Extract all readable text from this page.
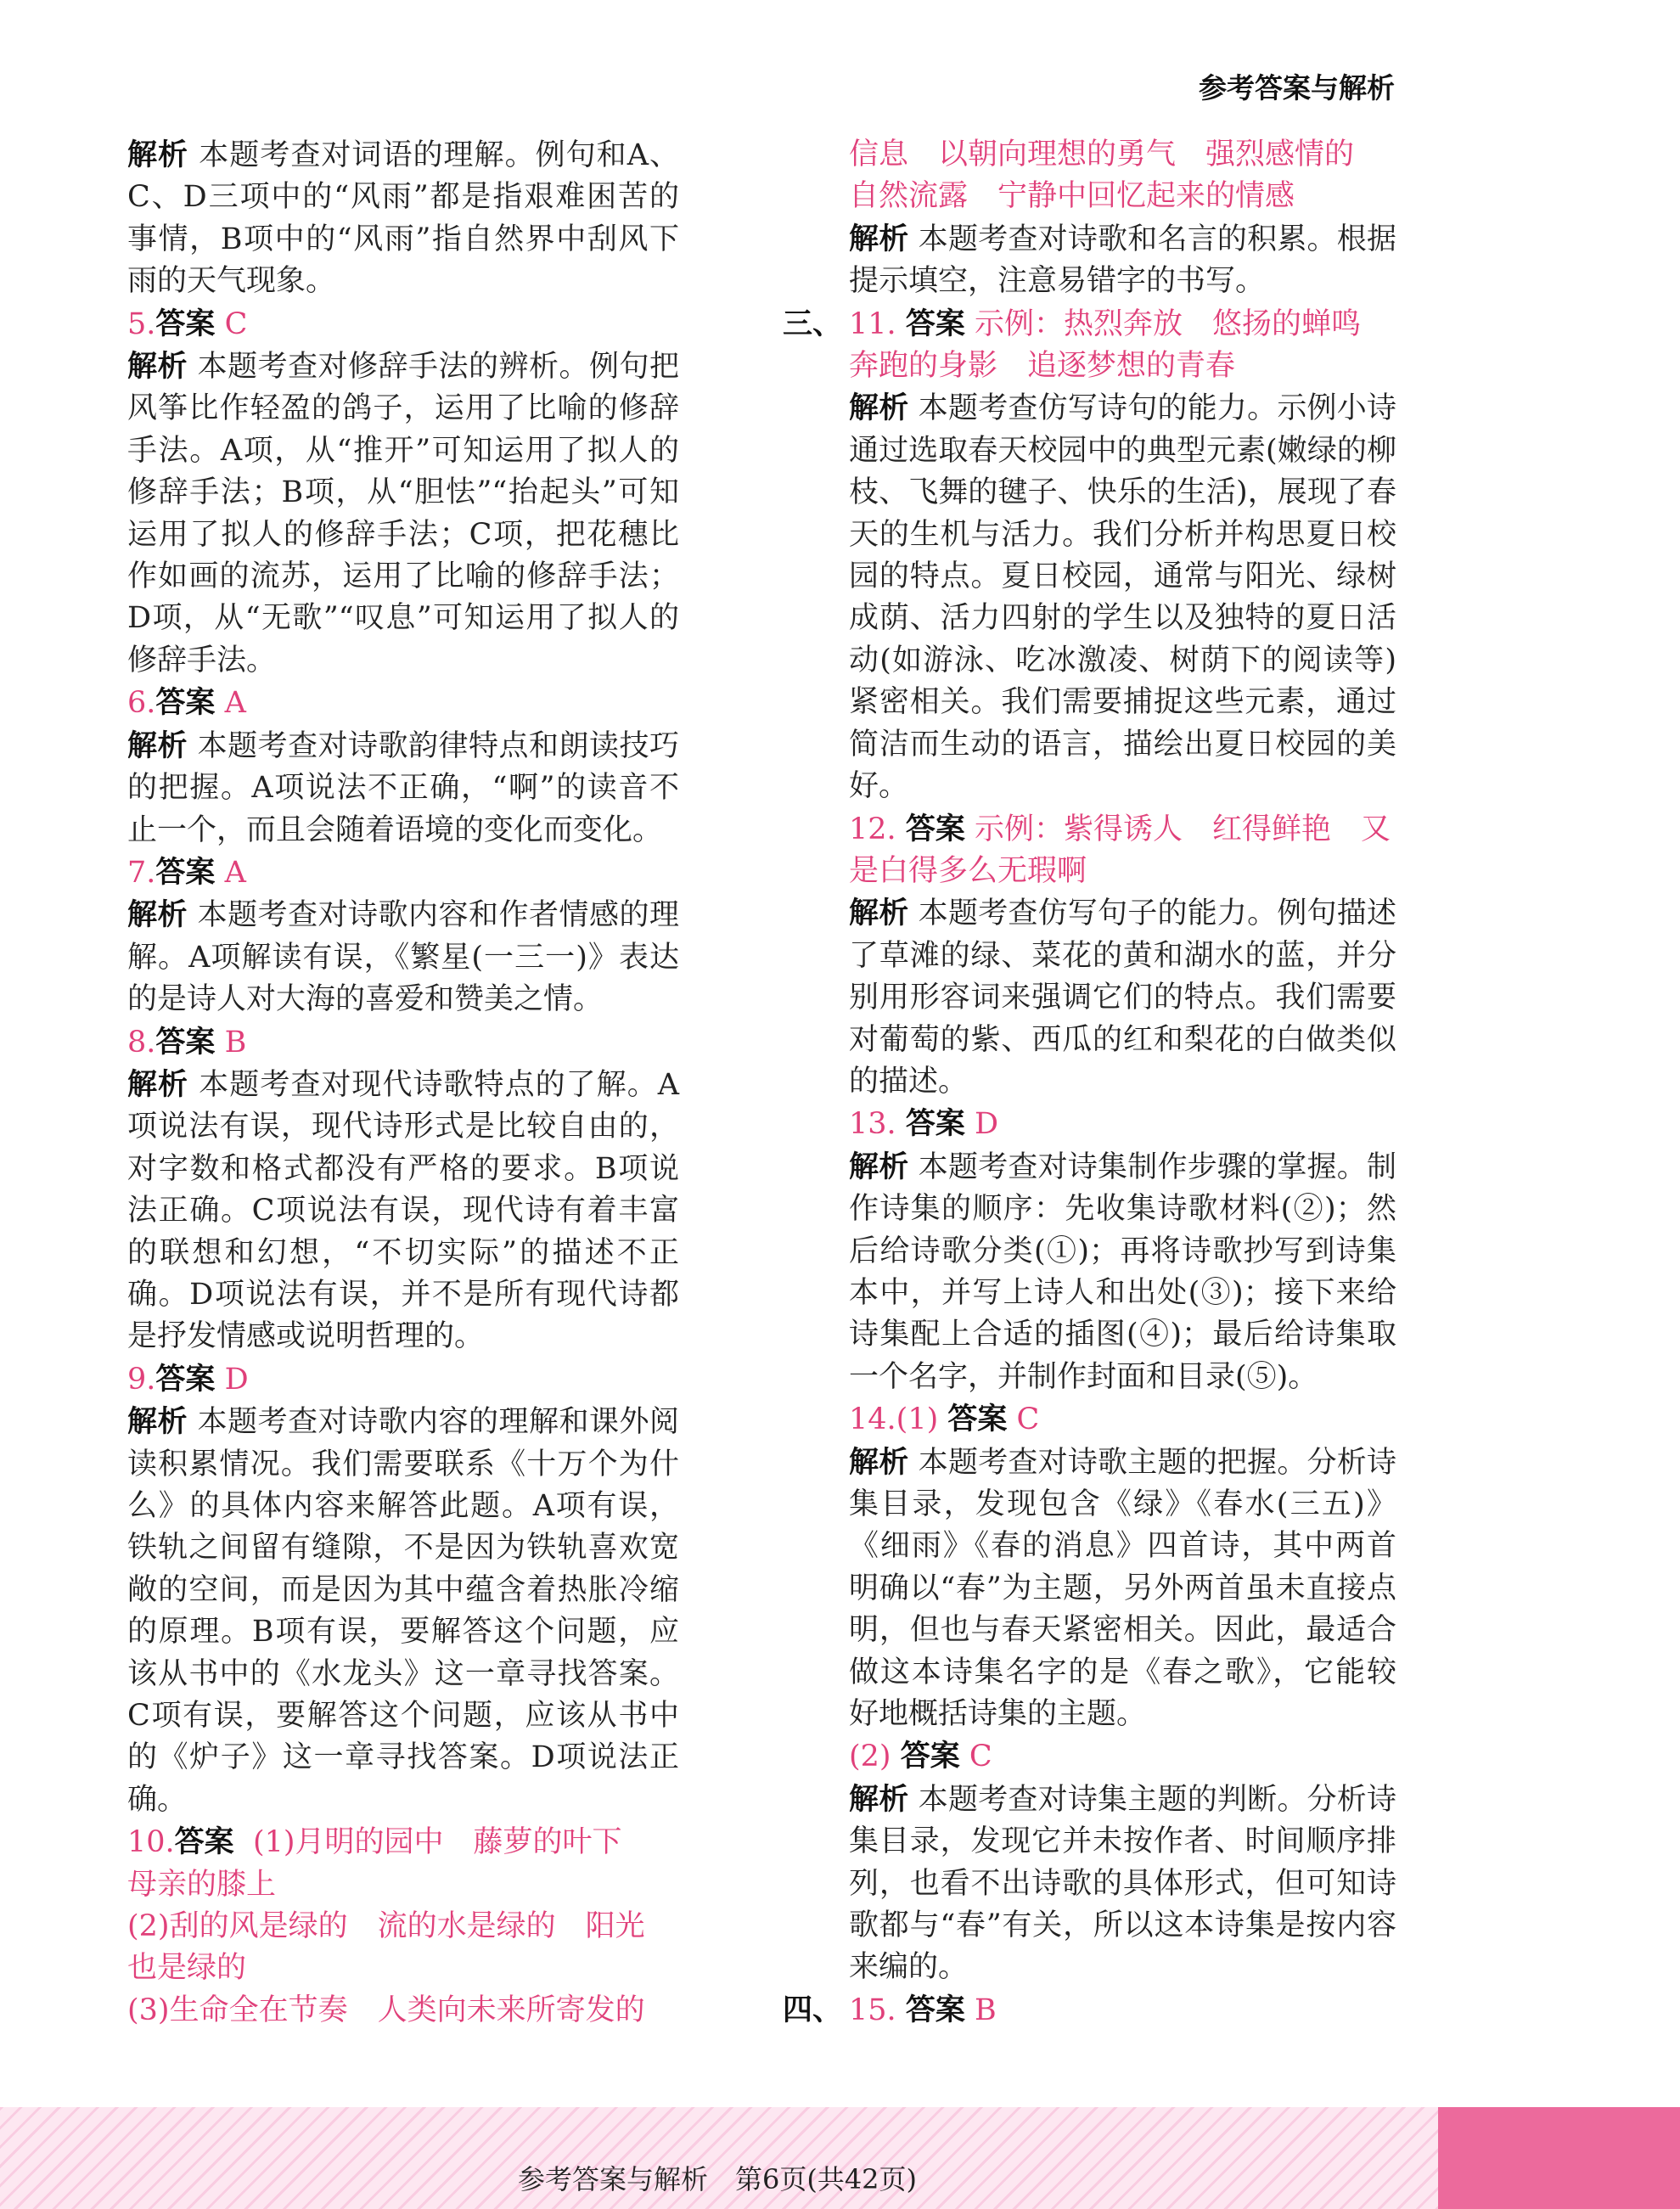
参考答案与解析

解析 本题考查对词语的理解。例句和A、C、D三项中的“风雨”都是指艰难困苦的事情，B项中的“风雨”指自然界中刮风下雨的天气现象。

5.答案 C

解析 本题考查对修辞手法的辨析。例句把风筝比作轻盈的鸽子，运用了比喻的修辞手法。A项，从“推开”可知运用了拟人的修辞手法；B项，从“胆怯”“抬起头”可知运用了拟人的修辞手法；C项，把花穗比作如画的流苏，运用了比喻的修辞手法；D项，从“无歌”“叹息”可知运用了拟人的修辞手法。

6.答案 A

解析 本题考查对诗歌韵律特点和朗读技巧的把握。A项说法不正确，“啊”的读音不止一个，而且会随着语境的变化而变化。

7.答案 A

解析 本题考查对诗歌内容和作者情感的理解。A项解读有误，《繁星(一三一)》表达的是诗人对大海的喜爱和赞美之情。

8.答案 B

解析 本题考查对现代诗歌特点的了解。A项说法有误，现代诗形式是比较自由的，对字数和格式都没有严格的要求。B项说法正确。C项说法有误，现代诗有着丰富的联想和幻想，“不切实际”的描述不正确。D项说法有误，并不是所有现代诗都是抒发情感或说明哲理的。

9.答案 D

解析 本题考查对诗歌内容的理解和课外阅读积累情况。我们需要联系《十万个为什么》的具体内容来解答此题。A项有误，铁轨之间留有缝隙，不是因为铁轨喜欢宽敞的空间，而是因为其中蕴含着热胀冷缩的原理。B项有误，要解答这个问题，应该从书中的《水龙头》这一章寻找答案。C项有误，要解答这个问题，应该从书中的《炉子》这一章寻找答案。D项说法正确。

10.答案 (1)月明的园中　藤萝的叶下

母亲的膝上

(2)刮的风是绿的　流的水是绿的　阳光

也是绿的

(3)生命全在节奏　人类向未来所寄发的

信息　以朝向理想的勇气　强烈感情的

自然流露　宁静中回忆起来的情感

解析 本题考查对诗歌和名言的积累。根据提示填空，注意易错字的书写。

三、 11. 答案 示例：热烈奔放　悠扬的蝉鸣

奔跑的身影　追逐梦想的青春

解析 本题考查仿写诗句的能力。示例小诗通过选取春天校园中的典型元素(嫩绿的柳枝、飞舞的毽子、快乐的生活)，展现了春天的生机与活力。我们分析并构思夏日校园的特点。夏日校园，通常与阳光、绿树成荫、活力四射的学生以及独特的夏日活动(如游泳、吃冰激凌、树荫下的阅读等)紧密相关。我们需要捕捉这些元素，通过简洁而生动的语言，描绘出夏日校园的美好。

12. 答案 示例：紫得诱人　红得鲜艳　又

是白得多么无瑕啊

解析 本题考查仿写句子的能力。例句描述了草滩的绿、菜花的黄和湖水的蓝，并分别用形容词来强调它们的特点。我们需要对葡萄的紫、西瓜的红和梨花的白做类似的描述。

13. 答案 D

解析 本题考查对诗集制作步骤的掌握。制作诗集的顺序：先收集诗歌材料(②)；然后给诗歌分类(①)；再将诗歌抄写到诗集本中，并写上诗人和出处(③)；接下来给诗集配上合适的插图(④)；最后给诗集取一个名字，并制作封面和目录(⑤)。

14.(1) 答案 C

解析 本题考查对诗歌主题的把握。分析诗集目录，发现包含《绿》《春水(三五)》《细雨》《春的消息》四首诗，其中两首明确以“春”为主题，另外两首虽未直接点明，但也与春天紧密相关。因此，最适合做这本诗集名字的是《春之歌》，它能较好地概括诗集的主题。

(2) 答案 C

解析 本题考查对诗集主题的判断。分析诗集目录，发现它并未按作者、时间顺序排列，也看不出诗歌的具体形式，但可知诗歌都与“春”有关，所以这本诗集是按内容来编的。

四、 15. 答案 B

参考答案与解析　第6页(共42页)
